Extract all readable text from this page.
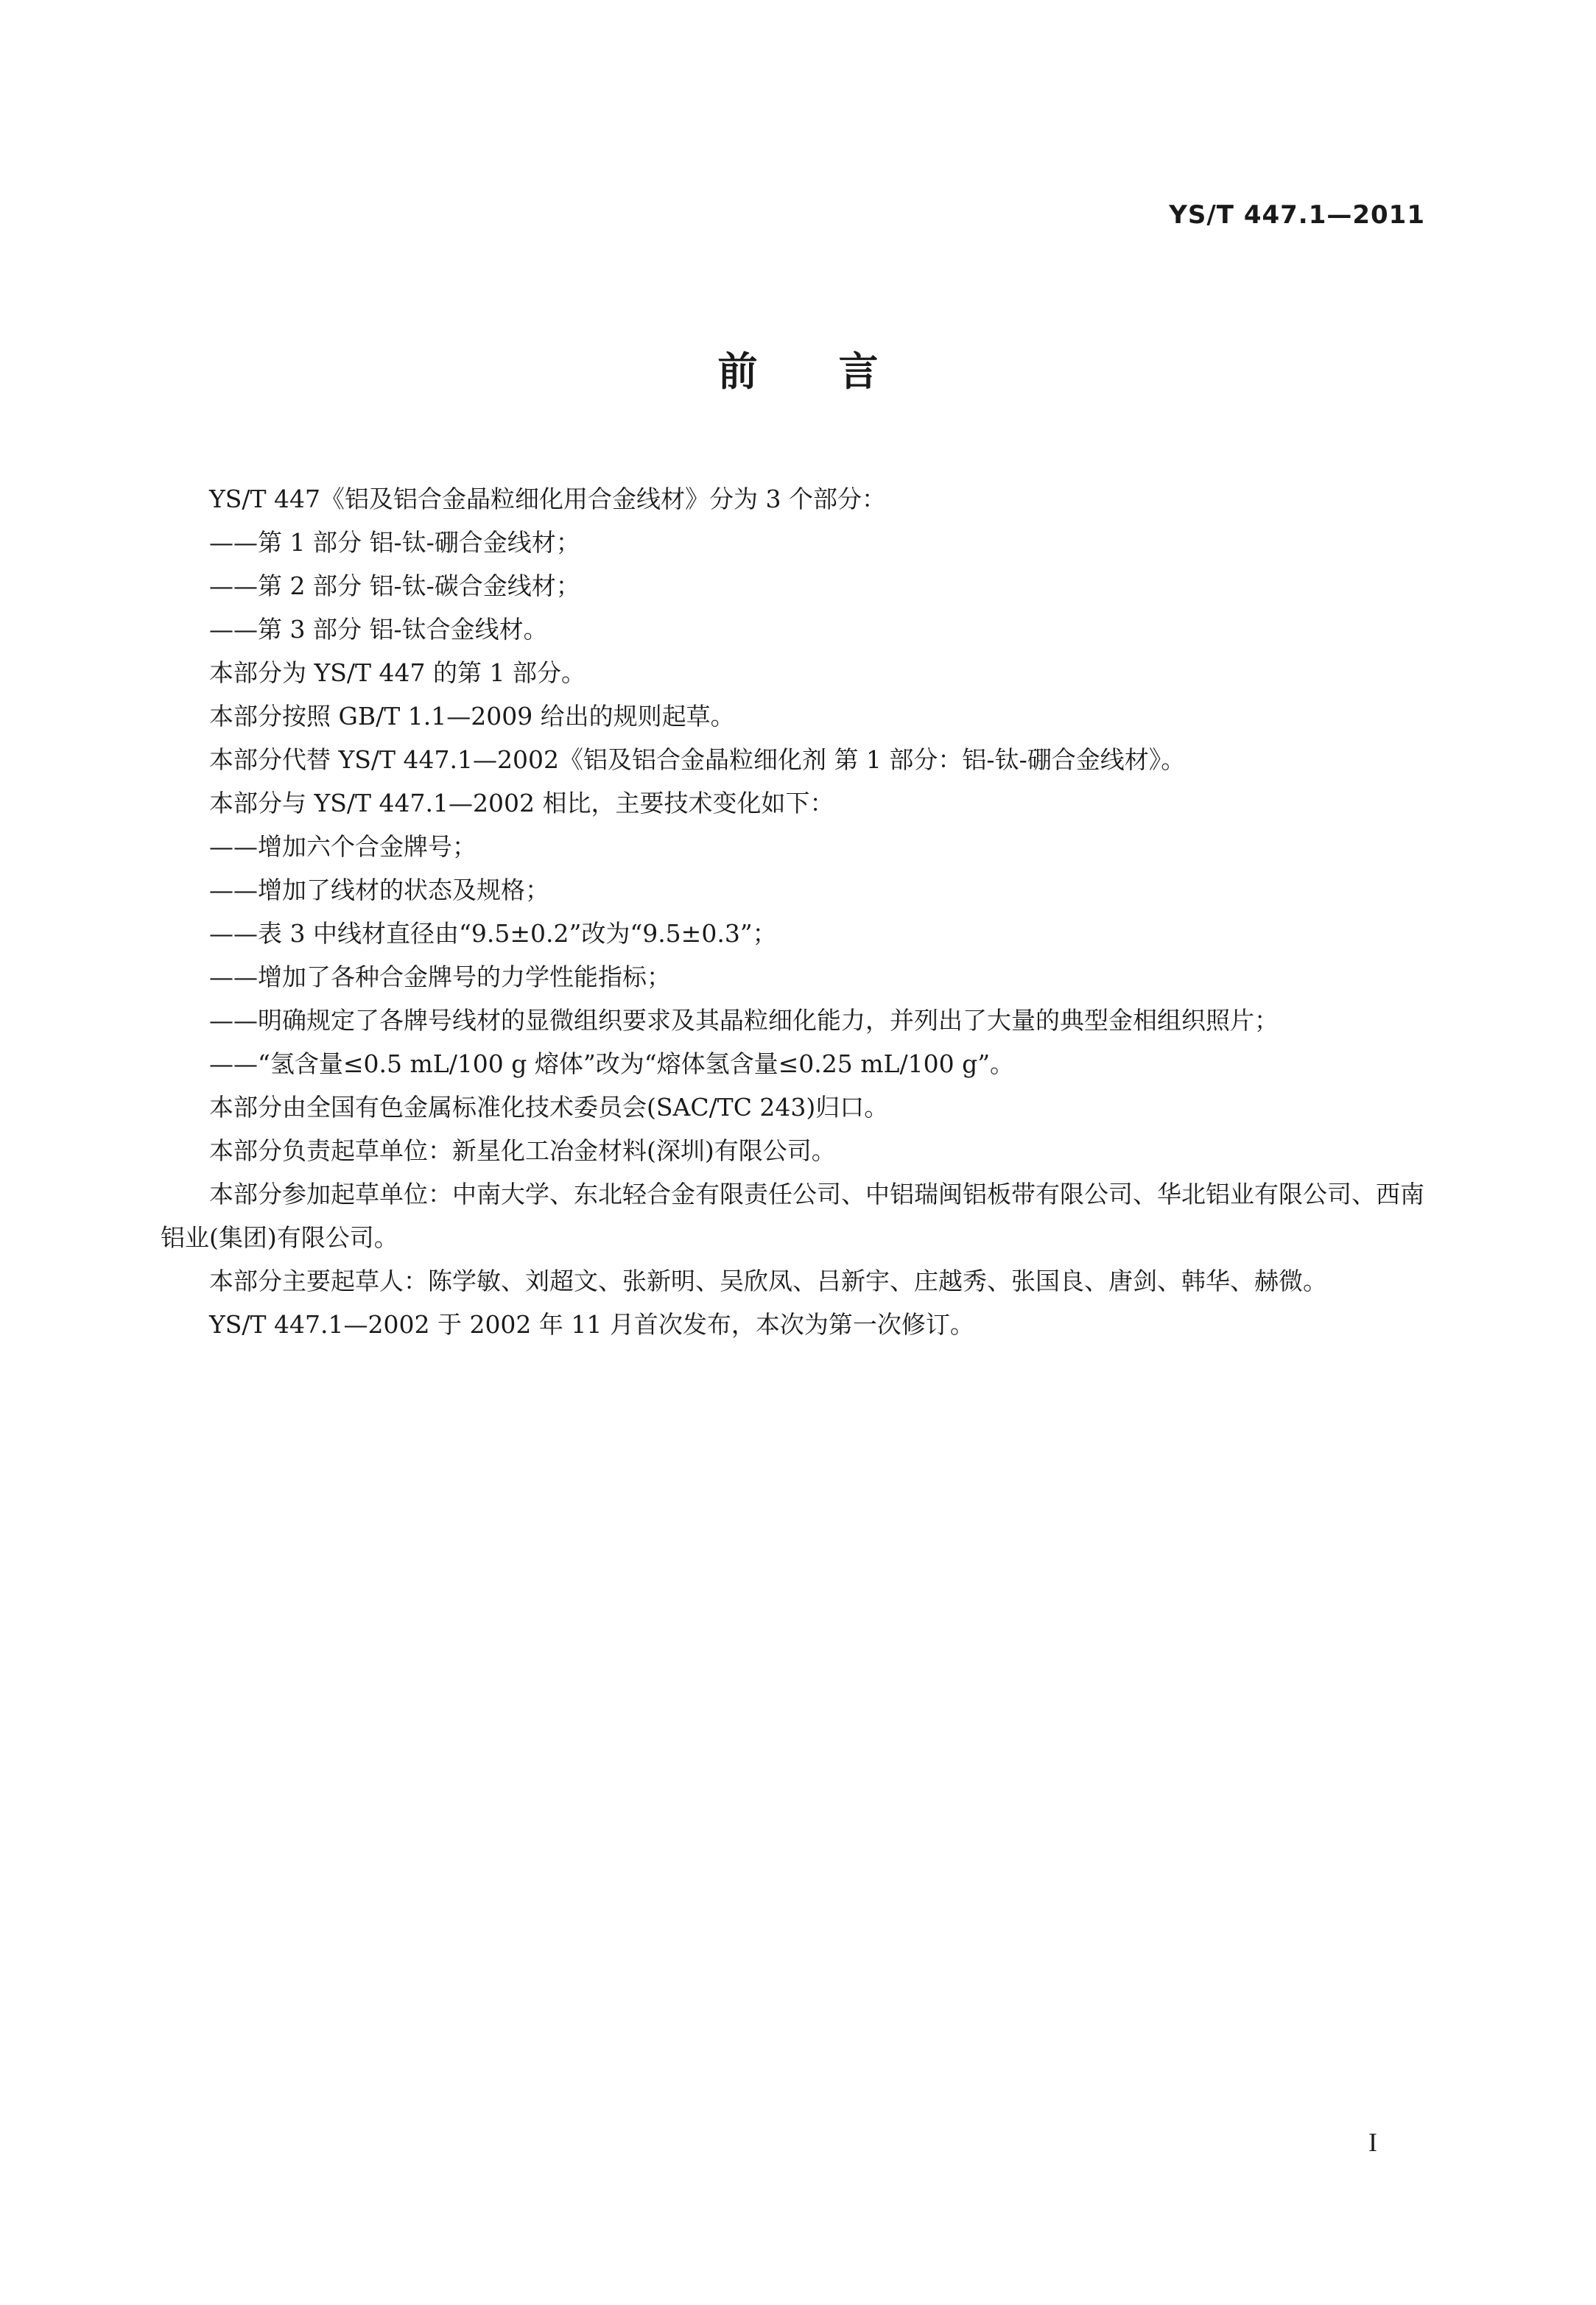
YS/T 447.1—2011
前言

YS/T 447《铝及铝合金晶粒细化用合金线材》分为 3 个部分：

——第 1 部分 铝-钛-硼合金线材；

——第 2 部分 铝-钛-碳合金线材；

——第 3 部分 铝-钛合金线材。

本部分为 YS/T 447 的第 1 部分。

本部分按照 GB/T 1.1—2009 给出的规则起草。

本部分代替 YS/T 447.1—2002《铝及铝合金晶粒细化剂 第 1 部分：铝-钛-硼合金线材》。

本部分与 YS/T 447.1—2002 相比，主要技术变化如下：

——增加六个合金牌号；

——增加了线材的状态及规格；

——表 3 中线材直径由“9.5±0.2”改为“9.5±0.3”；

——增加了各种合金牌号的力学性能指标；

——明确规定了各牌号线材的显微组织要求及其晶粒细化能力，并列出了大量的典型金相组织照片；

——“氢含量≤0.5 mL/100 g 熔体”改为“熔体氢含量≤0.25 mL/100 g”。

本部分由全国有色金属标准化技术委员会(SAC/TC 243)归口。

本部分负责起草单位：新星化工冶金材料(深圳)有限公司。

本部分参加起草单位：中南大学、东北轻合金有限责任公司、中铝瑞闽铝板带有限公司、华北铝业有限公司、西南铝业(集团)有限公司。

本部分主要起草人：陈学敏、刘超文、张新明、吴欣凤、吕新宇、庄越秀、张国良、唐剑、韩华、赫微。

YS/T 447.1—2002 于 2002 年 11 月首次发布，本次为第一次修订。

I
